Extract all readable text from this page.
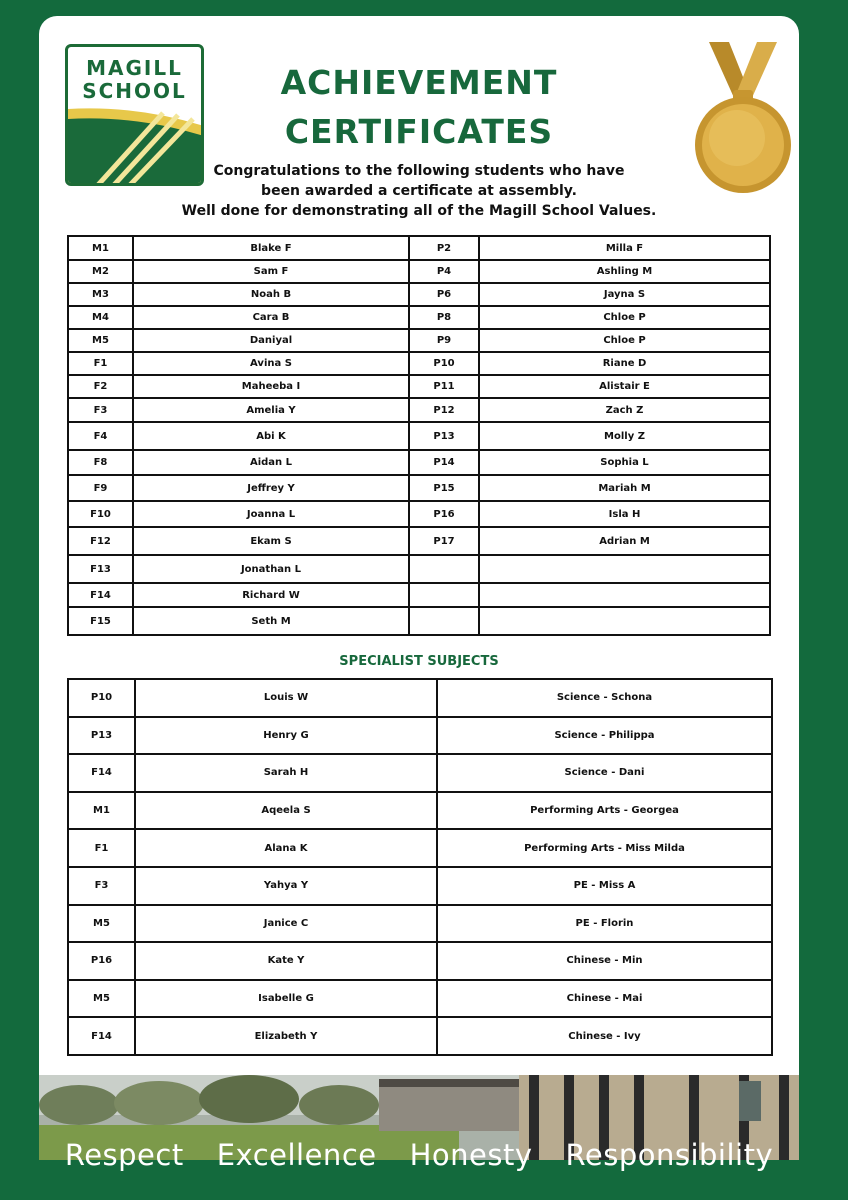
MAGILL
SCHOOL	ACHIEVEMENT
CERTIFICATES
Congratulations to the following students who have
been awarded a certificate at assembly.
Well done for demonstrating all of the Magill School Values.
M1	Blake F	P2	Milla F
M2	Sam F	P4	Ashling M
M3	Noah B	P6	Jayna S
M4	Cara B	P8	Chloe P
M5	Daniyal	P9	Chloe P
F1	Avina S	P10	Riane D
F2	Maheeba I	P11	Alistair E
F3	Amelia Y	P12	Zach Z
F4	Abi K	P13	Molly Z
F8	Aidan L	P14	Sophia L
F9	Jeffrey Y	P15	Mariah M
F10	Joanna L	P16	Isla H
F12	Ekam S	P17	Adrian M
F13	Jonathan L		
F14	Richard W		
F15	Seth M		
SPECIALIST SUBJECTS
P10	Louis W	Science - Schona
P13	Henry G	Science - Philippa
F14	Sarah H	Science - Dani
M1	Aqeela S	Performing Arts - Georgea
F1	Alana K	Performing Arts - Miss Milda
F3	Yahya Y	PE - Miss A
M5	Janice C	PE - Florin
P16	Kate Y	Chinese - Min
M5	Isabelle G	Chinese - Mai
F14	Elizabeth Y	Chinese - Ivy
Respect Excellence Honesty Responsibility
